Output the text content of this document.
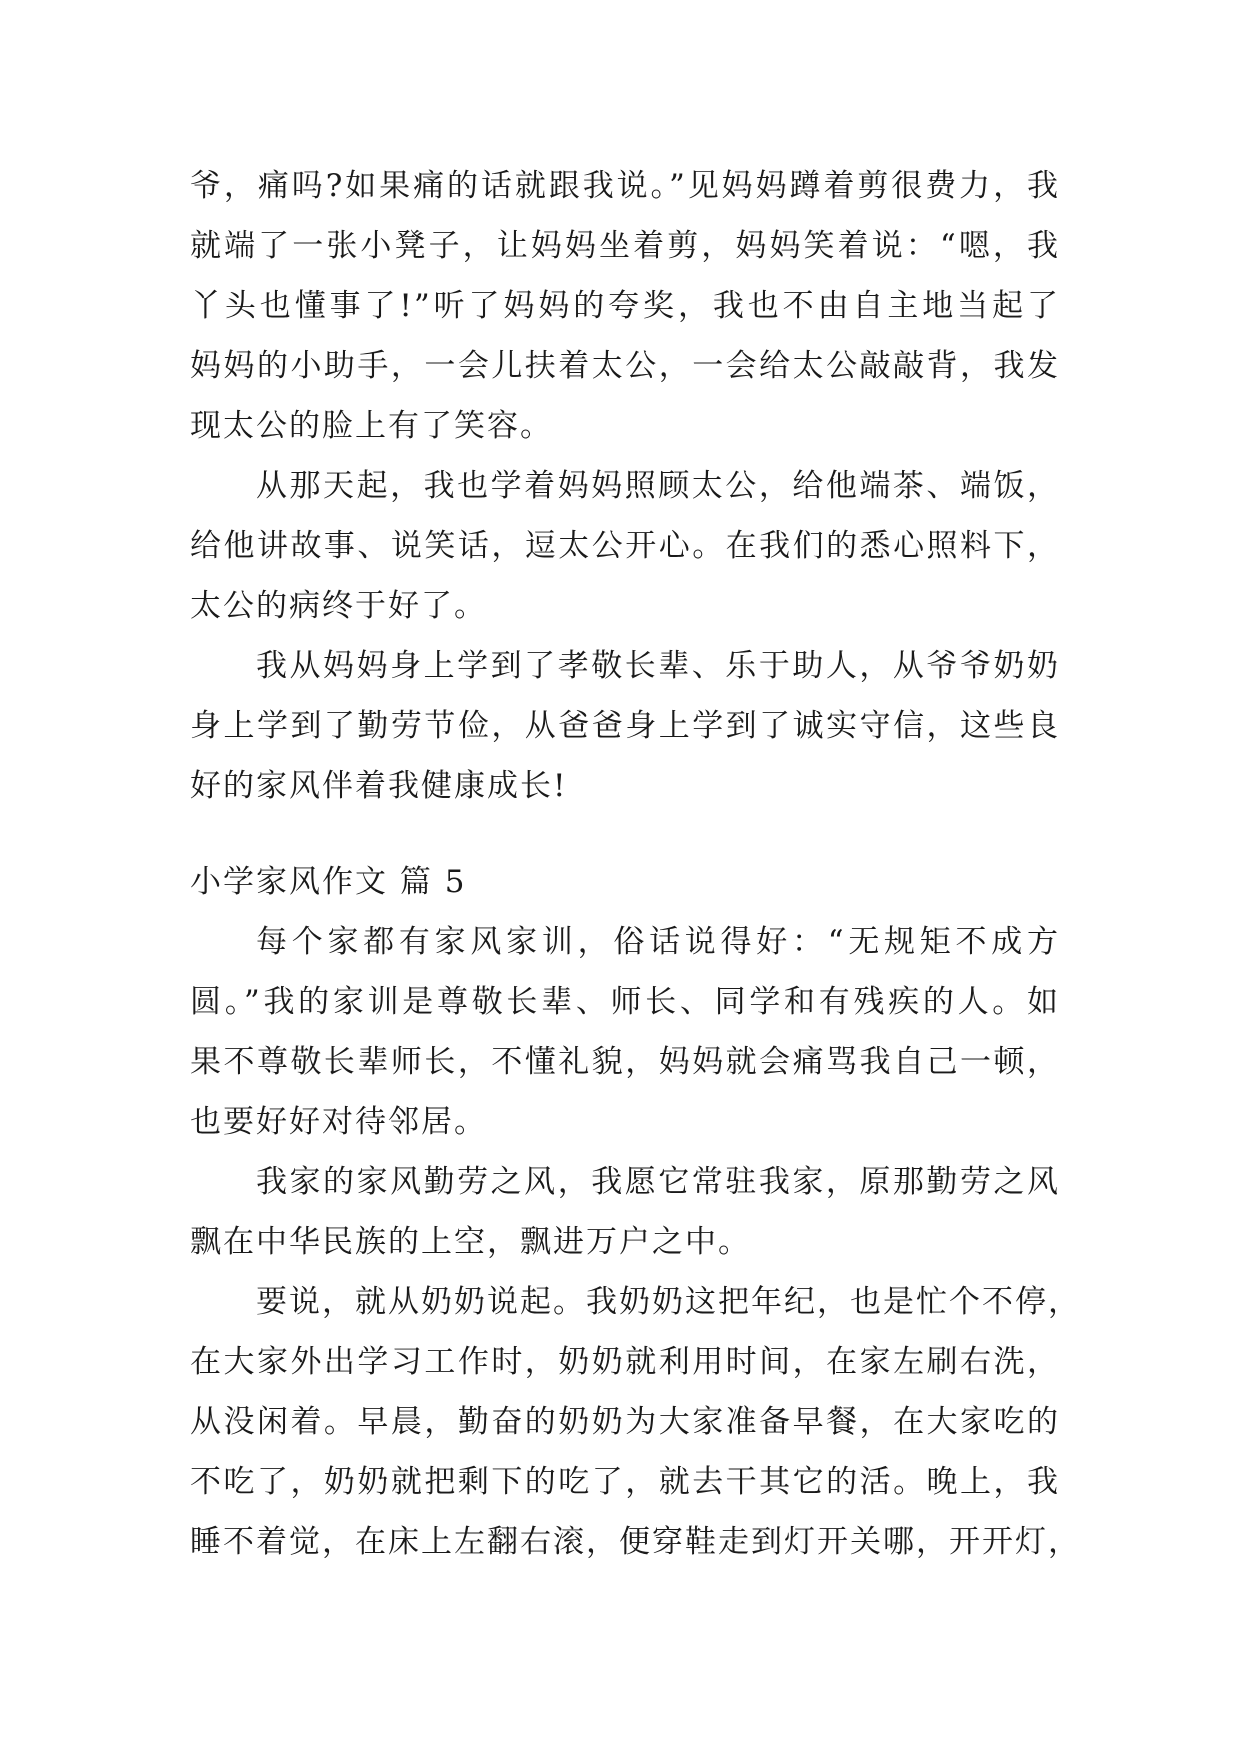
爷，痛吗?如果痛的话就跟我说。”见妈妈蹲着剪很费力，我
就端了一张小凳子，让妈妈坐着剪，妈妈笑着说：“嗯，我
丫头也懂事了!”听了妈妈的夸奖，我也不由自主地当起了
妈妈的小助手，一会儿扶着太公，一会给太公敲敲背，我发
现太公的脸上有了笑容。
从那天起，我也学着妈妈照顾太公，给他端茶、端饭，
给他讲故事、说笑话，逗太公开心。在我们的悉心照料下，
太公的病终于好了。
我从妈妈身上学到了孝敬长辈、乐于助人，从爷爷奶奶
身上学到了勤劳节俭，从爸爸身上学到了诚实守信，这些良
好的家风伴着我健康成长!
小学家风作文 篇 5
每个家都有家风家训，俗话说得好：“无规矩不成方
圆。”我的家训是尊敬长辈、师长、同学和有残疾的人。如
果不尊敬长辈师长，不懂礼貌，妈妈就会痛骂我自己一顿，
也要好好对待邻居。
我家的家风勤劳之风，我愿它常驻我家，原那勤劳之风
飘在中华民族的上空，飘进万户之中。
要说，就从奶奶说起。我奶奶这把年纪，也是忙个不停，
在大家外出学习工作时，奶奶就利用时间，在家左刷右洗，
从没闲着。早晨，勤奋的奶奶为大家准备早餐，在大家吃的
不吃了，奶奶就把剩下的吃了，就去干其它的活。晚上，我
睡不着觉，在床上左翻右滚，便穿鞋走到灯开关哪，开开灯，
